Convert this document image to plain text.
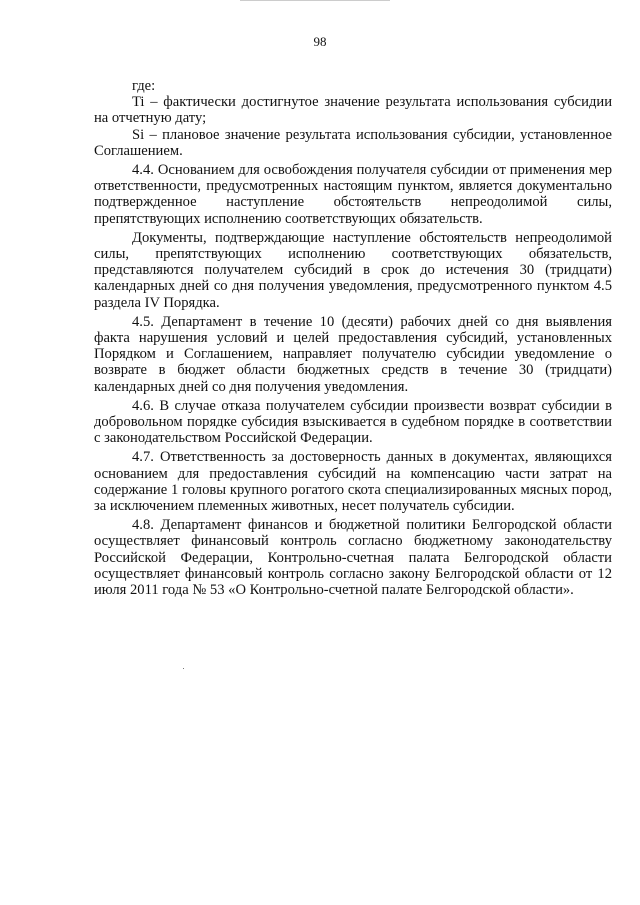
98

где:

Ti – фактически достигнутое значение результата использования субсидии на отчетную дату;

Si – плановое значение результата использования субсидии, установленное Соглашением.

4.4. Основанием для освобождения получателя субсидии от применения мер ответственности, предусмотренных настоящим пунктом, является документально подтвержденное наступление обстоятельств непреодолимой силы, препятствующих исполнению соответствующих обязательств.

Документы, подтверждающие наступление обстоятельств непреодолимой силы, препятствующих исполнению соответствующих обязательств, представляются получателем субсидий в срок до истечения 30 (тридцати) календарных дней со дня получения уведомления, предусмотренного пунктом 4.5 раздела IV Порядка.

4.5. Департамент в течение 10 (десяти) рабочих дней со дня выявления факта нарушения условий и целей предоставления субсидий, установленных Порядком и Соглашением, направляет получателю субсидии уведомление о возврате в бюджет области бюджетных средств в течение 30 (тридцати) календарных дней со дня получения уведомления.

4.6. В случае отказа получателем субсидии произвести возврат субсидии в добровольном порядке субсидия взыскивается в судебном порядке в соответствии с законодательством Российской Федерации.

4.7. Ответственность за достоверность данных в документах, являющихся основанием для предоставления субсидий на компенсацию части затрат на содержание 1 головы крупного рогатого скота специализированных мясных пород, за исключением племенных животных, несет получатель субсидии.

4.8. Департамент финансов и бюджетной политики Белгородской области осуществляет финансовый контроль согласно бюджетному законодательству Российской Федерации, Контрольно-счетная палата Белгородской области осуществляет финансовый контроль согласно закону Белгородской области от 12 июля 2011 года № 53 «О Контрольно-счетной палате Белгородской области».
